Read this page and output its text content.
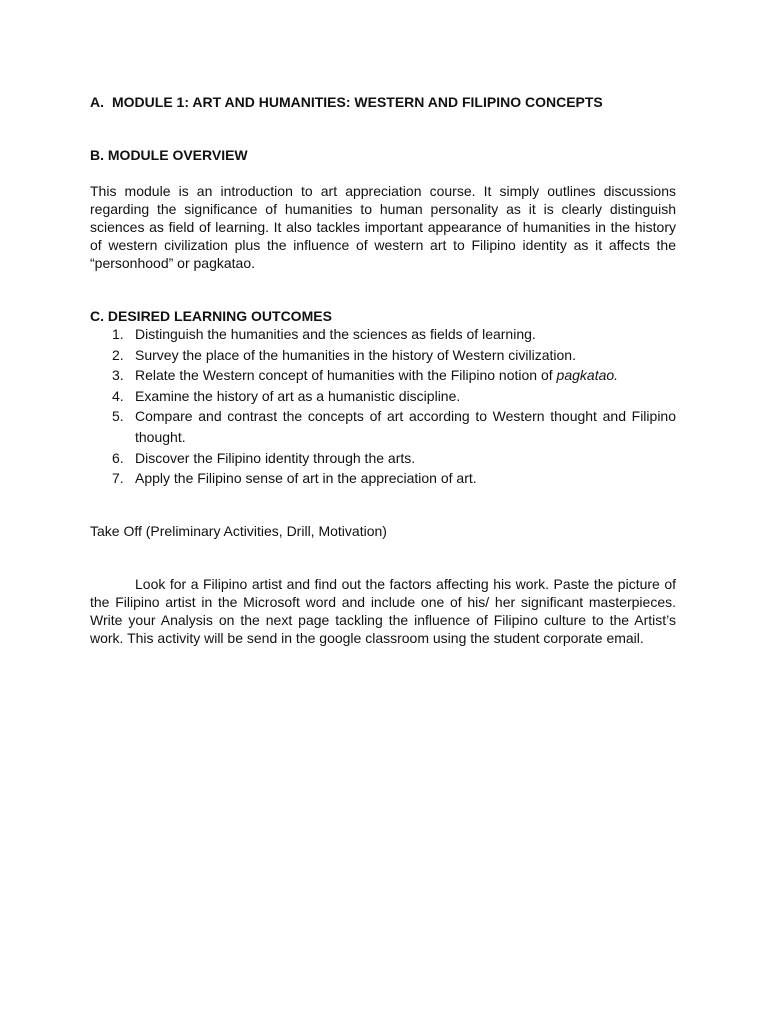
A. MODULE 1: ART AND HUMANITIES: WESTERN AND FILIPINO CONCEPTS
B. MODULE OVERVIEW
This module is an introduction to art appreciation course. It simply outlines discussions regarding the significance of humanities to human personality as it is clearly distinguish sciences as field of learning. It also tackles important appearance of humanities in the history of western civilization plus the influence of western art to Filipino identity as it affects the “personhood” or pagkatao.
C. DESIRED LEARNING OUTCOMES
1. Distinguish the humanities and the sciences as fields of learning.
2. Survey the place of the humanities in the history of Western civilization.
3. Relate the Western concept of humanities with the Filipino notion of pagkatao.
4. Examine the history of art as a humanistic discipline.
5. Compare and contrast the concepts of art according to Western thought and Filipino thought.
6. Discover the Filipino identity through the arts.
7. Apply the Filipino sense of art in the appreciation of art.
Take Off (Preliminary Activities, Drill, Motivation)
Look for a Filipino artist and find out the factors affecting his work. Paste the picture of the Filipino artist in the Microsoft word and include one of his/ her significant masterpieces. Write your Analysis on the next page tackling the influence of Filipino culture to the Artist’s work. This activity will be send in the google classroom using the student corporate email.
